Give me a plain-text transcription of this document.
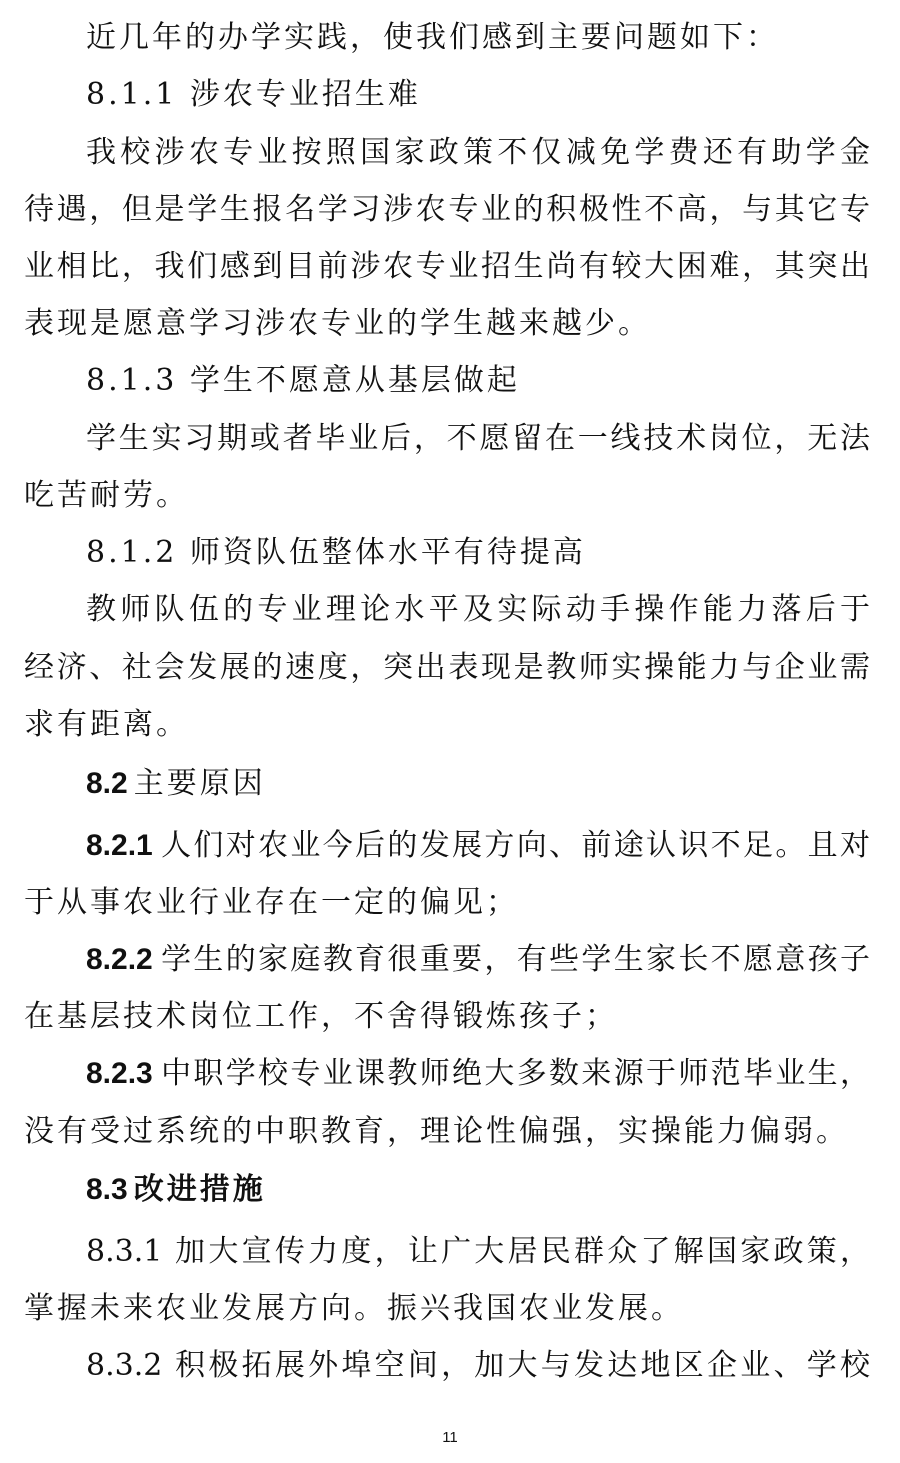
近几年的办学实践，使我们感到主要问题如下：
8.1.1 涉农专业招生难
我校涉农专业按照国家政策不仅减免学费还有助学金
待遇，但是学生报名学习涉农专业的积极性不高，与其它专
业相比，我们感到目前涉农专业招生尚有较大困难，其突出
表现是愿意学习涉农专业的学生越来越少。
8.1.3 学生不愿意从基层做起
学生实习期或者毕业后，不愿留在一线技术岗位，无法
吃苦耐劳。
8.1.2 师资队伍整体水平有待提高
教师队伍的专业理论水平及实际动手操作能力落后于
经济、社会发展的速度，突出表现是教师实操能力与企业需
求有距离。
8.2 主要原因
8.2.1 人们对农业今后的发展方向、前途认识不足。且对
于从事农业行业存在一定的偏见；
8.2.2 学生的家庭教育很重要，有些学生家长不愿意孩子
在基层技术岗位工作，不舍得锻炼孩子；
8.2.3 中职学校专业课教师绝大多数来源于师范毕业生，
没有受过系统的中职教育，理论性偏强，实操能力偏弱。
8.3 改进措施
8.3.1 加大宣传力度，让广大居民群众了解国家政策，
掌握未来农业发展方向。振兴我国农业发展。
8.3.2 积极拓展外埠空间，加大与发达地区企业、学校
11
